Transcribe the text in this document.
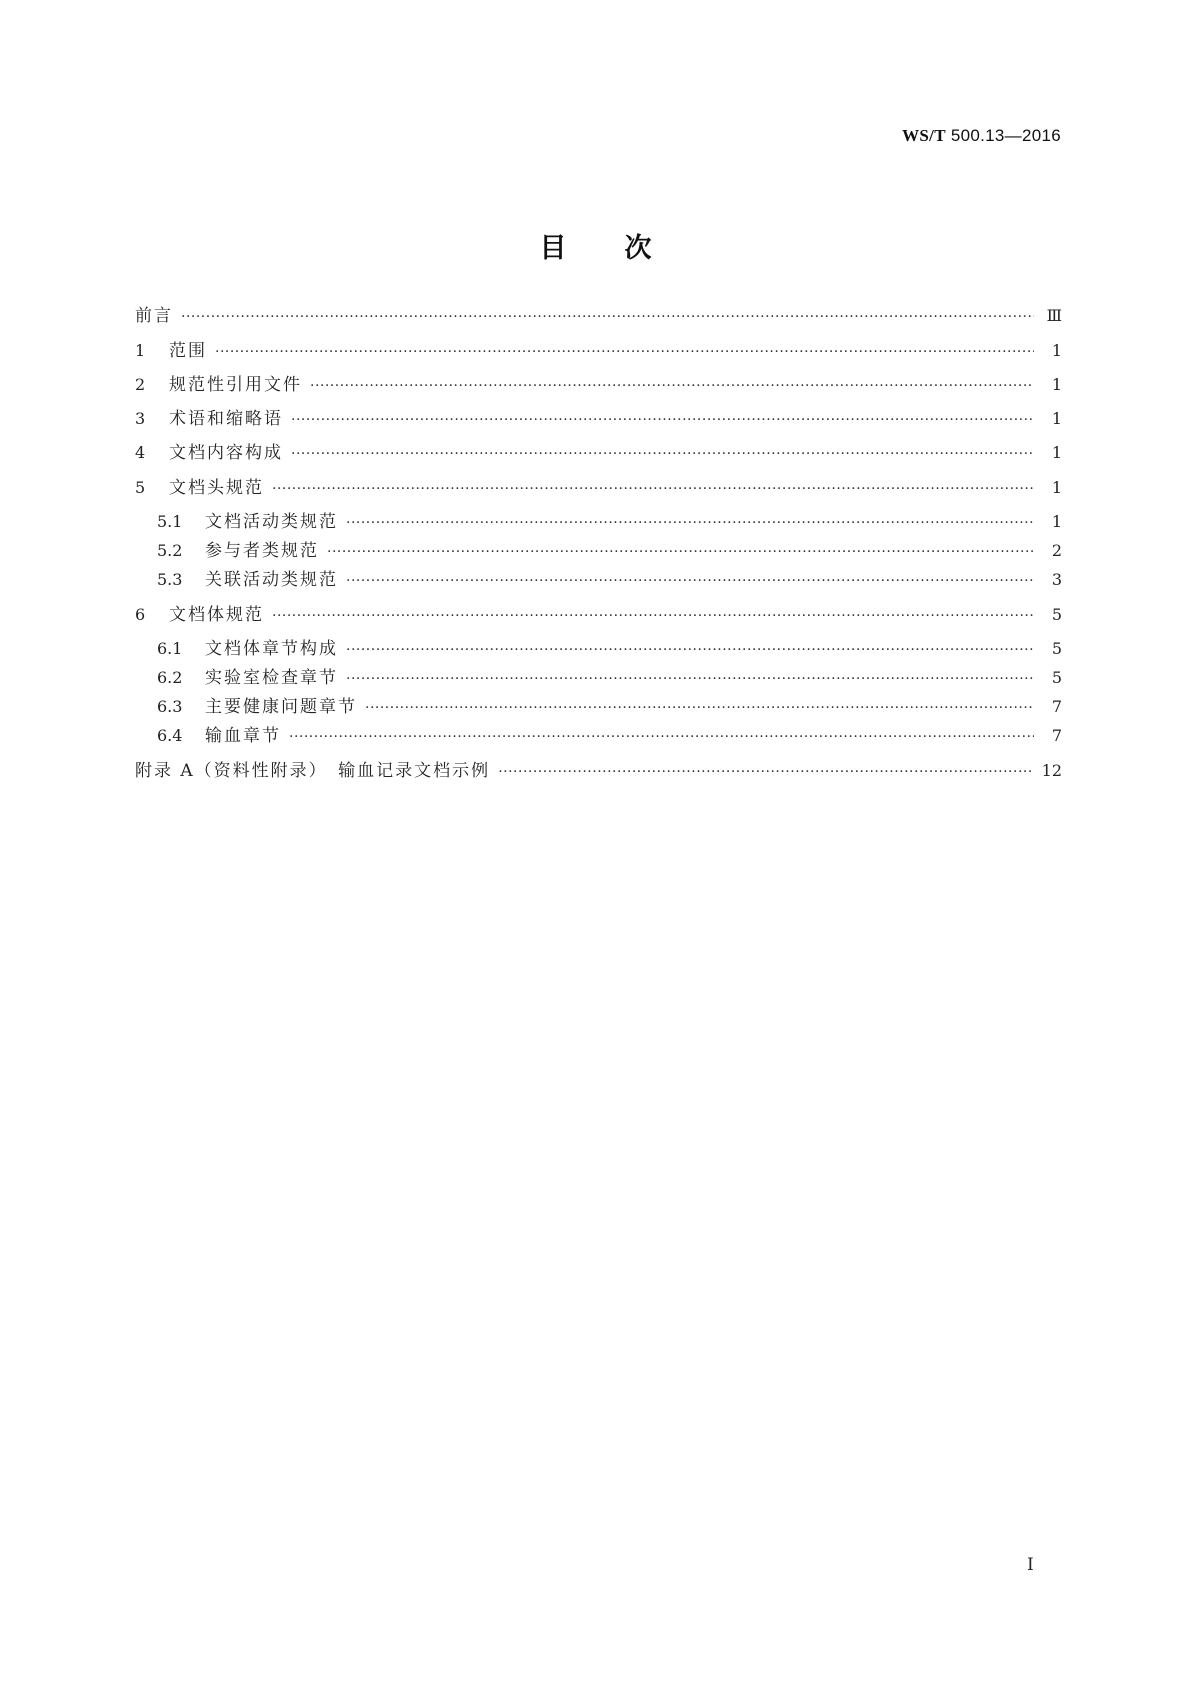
WS/T 500.13—2016
目次
前言 ·····	Ⅲ
1	范围 ·····	1
2	规范性引用文件 ·····	1
3	术语和缩略语 ·····	1
4	文档内容构成 ·····	1
5	文档头规范 ·····	1
5.1	文档活动类规范 ·····	1
5.2	参与者类规范 ·····	2
5.3	关联活动类规范 ·····	3
6	文档体规范 ·····	5
6.1	文档体章节构成 ·····	5
6.2	实验室检查章节 ·····	5
6.3	主要健康问题章节 ·····	7
6.4	输血章节 ·····	7
附录 A（资料性附录）　输血记录文档示例 ·····	12
Ⅰ
